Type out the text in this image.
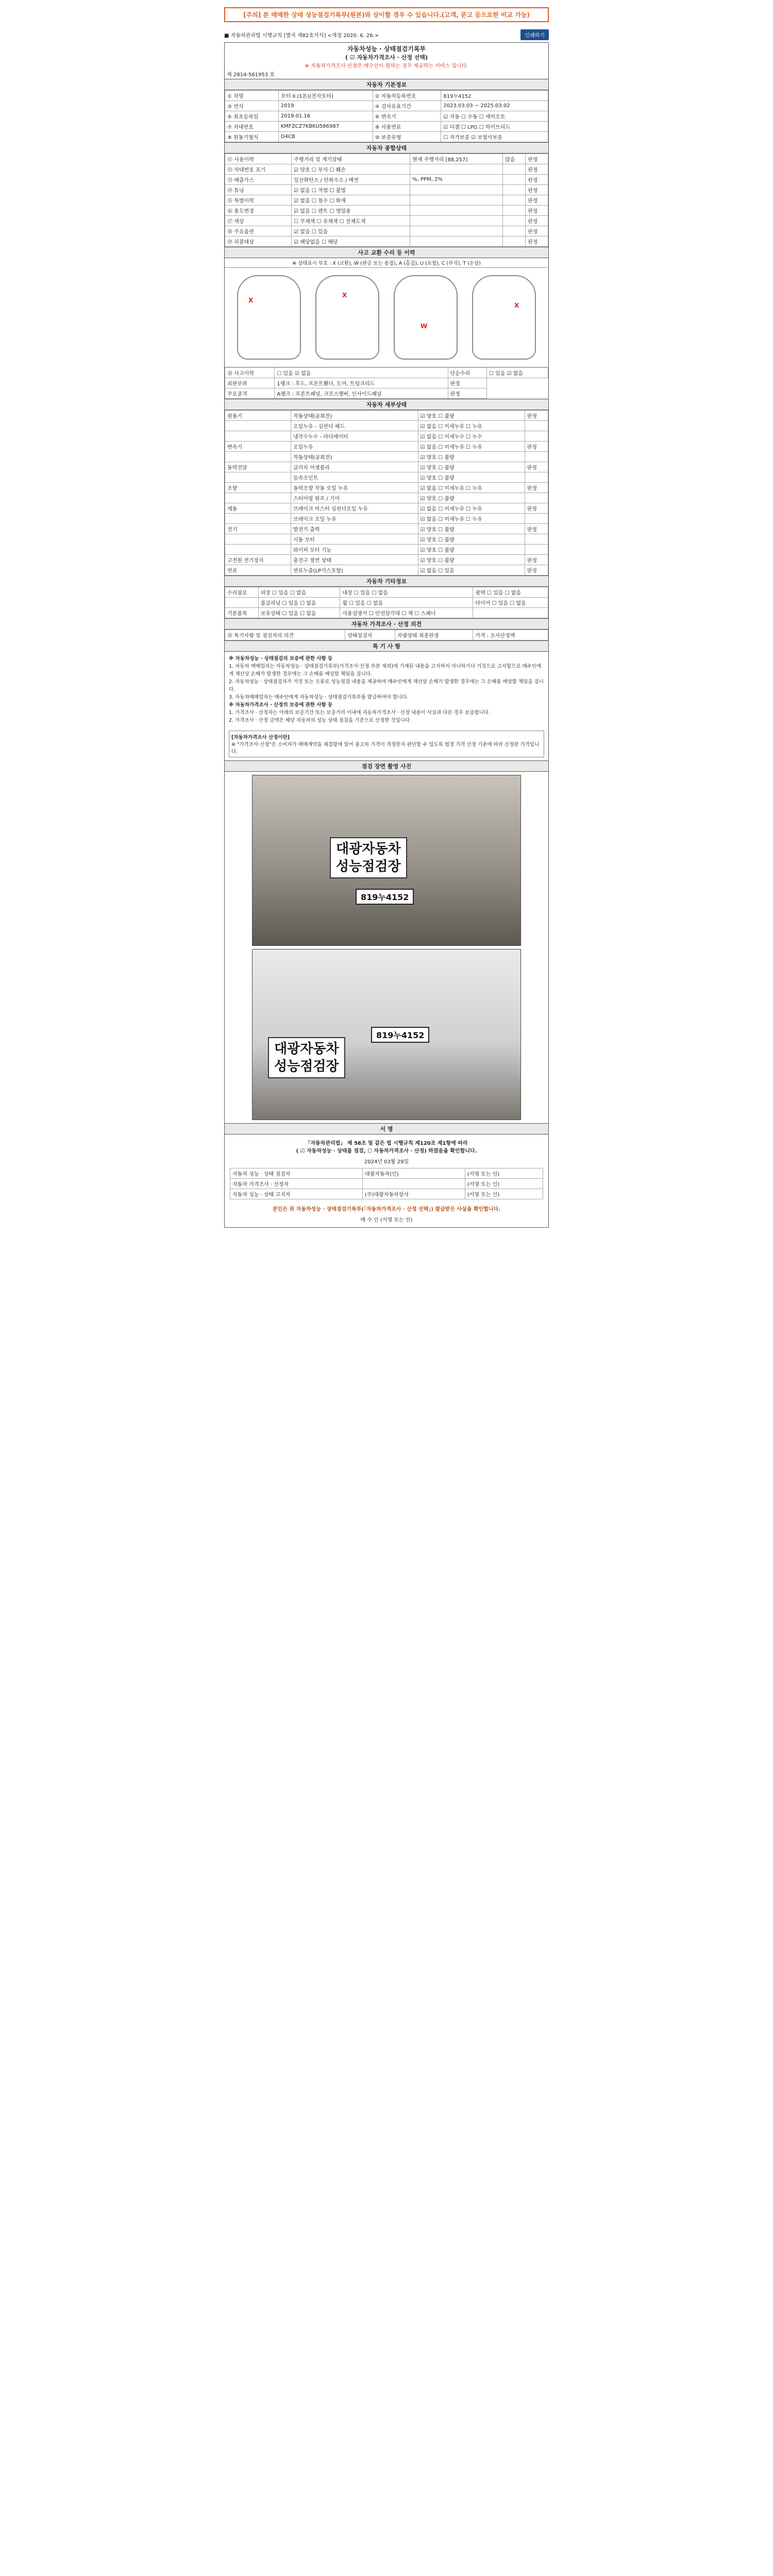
[주의] 본 매매한 상태 성능점검기록부(원본)와 상이할 경우 수 있습니다.(고객, 문고 등으로한 비교 가능)
■ 자동차관리법 시행규칙 [별지 제82호서식] <개정 2020. 6. 26.>	인쇄하기
자동차성능 · 상태점검기록부
( ☑ 자동차가격조사 · 산정 선택)
※ 자동차가격조사·산정은 매수인이 원하는 경우 제공하는 서비스 입니다.
제 2814-561953 호
자동차 기본정보
① 차명	포터 II (1톤)(전자포터)	② 자동차등록번호	819누4152
③ 연식	2019	④ 검사유효기간	2023.03.03 ~ 2025.03.02
⑤ 최초등록일	2019.01.16	⑥ 변속기	☑ 자동 ☐ 수동 ☐ 세미오토
⑦ 차대번호	KMFZCZ7KBKU586987	⑧ 사용연료	☑ 디젤 ☐ LPG ☐ 하이브리드
⑨ 원동기형식	D4CB	⑩ 보증유형	☐ 자가보증 ☑ 보험사보증
자동차 종합상태
⑪ 사용이력	주행거리 및 계기상태	현재 주행거리 [88,257]	많음	판정
⑫ 차대번호 표기	☑ 양호 ☐ 부식 ☐ 훼손			판정
⑬ 배출가스	일산화탄소 / 탄화수소 / 매연	%, PPM, 2%		판정
⑭ 튜닝	☑ 없음 ☐ 적법 ☐ 불법			판정
⑮ 특별이력	☑ 없음 ☐ 침수 ☐ 화재			판정
⑯ 용도변경	☑ 없음 ☐ 렌트 ☐ 영업용			판정
⑰ 색상	☐ 무채색 ☐ 유채색 ☐ 전체도색			판정
⑱ 주요옵션	☑ 없음 ☐ 있음			판정
⑲ 리콜대상	☑ 해당없음 ☐ 해당			판정
사고 교환 수리 등 이력
※ 상태표시 부호 : X (교환), W (판금 또는 용접), A (흠집), U (요철), C (부식), T (손상)
X
X
W
X
⑳ 사고이력	☐ 있음 ☑ 없음	단순수리	☐ 있음 ☑ 없음
외판부위	1랭크 : 후드, 프론트휀더, 도어, 트렁크리드	판정	
주요골격	A랭크 : 프론트패널, 크로스멤버, 인사이드패널	판정	
자동차 세부상태
원동기	작동상태(공회전)	☑ 양호 ☐ 불량	판정
	오일누유 - 실린더 헤드	☑ 없음 ☐ 미세누유 ☐ 누유	
	냉각수누수 - 라디에이터	☑ 없음 ☐ 미세누수 ☐ 누수	
변속기	오일누유	☑ 없음 ☐ 미세누유 ☐ 누유	판정
	작동상태(공회전)	☑ 양호 ☐ 불량	
동력전달	클러치 어셈블리	☑ 양호 ☐ 불량	판정
	등속조인트	☑ 양호 ☐ 불량	
조향	동력조향 작동 오일 누유	☑ 없음 ☐ 미세누유 ☐ 누유	판정
	스티어링 펌프 / 기어	☑ 양호 ☐ 불량	
제동	브레이크 마스터 실린더오일 누유	☑ 없음 ☐ 미세누유 ☐ 누유	판정
	브레이크 오일 누유	☑ 없음 ☐ 미세누유 ☐ 누유	
전기	발전기 출력	☑ 양호 ☐ 불량	판정
	시동 모터	☑ 양호 ☐ 불량	
	와이퍼 모터 기능	☑ 양호 ☐ 불량	
고전원 전기장치	충전구 절연 상태	☑ 양호 ☐ 불량	판정
연료	연료누출(LP가스포함)	☑ 없음 ☐ 있음	판정
자동차 기타정보
수리필요	외장 ☐ 있음 ☐ 없음	내장 ☐ 있음 ☐ 없음	광택 ☐ 있음 ☐ 없음
	룸클리닝 ☐ 있음 ☐ 없음	휠 ☐ 있음 ☐ 없음	타이어 ☐ 있음 ☐ 없음
기본품목	보유상태 ☐ 있음 ☐ 없음	사용설명서 ☐ 안전삼각대 ☐ 잭 ☐ 스패너	
자동차 가격조사 · 산정 의견
⑱ 특기사항 및 점검자의 의견	상태점검자	차량상태 최종판정	가격 : 조사산정액
특 기 사 항
※ 자동차성능 · 상태점검의 보증에 관한 사항 등
1. 자동차 매매업자는 자동차성능 · 상태점검기록부(가격조사·산정 부분 제외)에 기재된 내용을 고지하지 아니하거나 거짓으로 고지함으로 매수인에게 재산상 손해가 발생한 경우에는 그 손해를 배상할 책임을 집니다.
2. 자동차성능 · 상태점검자가 거짓 또는 오류로 성능점검 내용을 제공하여 매수인에게 재산상 손해가 발생한 경우에는 그 손해를 배상할 책임을 집니다.
3. 자동차매매업자는 매수인에게 자동차성능 · 상태점검기록부를 발급하여야 합니다.
※ 자동차가격조사 · 산정의 보증에 관한 사항 등
1. 가격조사 · 산정자는 아래의 보증기간 또는 보증거리 이내에 자동차가격조사 · 산정 내용이 사실과 다른 경우 보증합니다.
2. 가격조사 · 산정 금액은 해당 자동차의 성능 상태 점검을 기준으로 산정한 것입니다.
[자동차가격조사 산정이란]
※ "가격조사·산정"은 소비자가 매매계약을 체결함에 있어 중고차 가격이 적정한지 판단할 수 있도록 법정 가격 산정 기준에 따라 산정한 가격입니다.
점검 장면 촬영 사진
대광자동차
성능점검장
819누4152
대광자동차
성능점검장
819누4152
서 명
「자동차관리법」 제 58조 및 같은 법 시행규칙 제120조 제1항에 따라
( ☑ 자동차성능 · 상태를 점검, ☐ 자동차가격조사 · 산정) 하였음을 확인합니다.
2024년 03월 29일
자동차 성능 · 상태 점검자	대광자동차(인)	(서명 또는 인)
자동차 가격조사 · 산정자		(서명 또는 인)
자동차 성능 · 상태 고지자	(주)대광자동차상사	(서명 또는 인)
본인은 위 자동차성능 · 상태점검기록부(「자동차가격조사 · 산정 선택」) 발급받은 사실을 확인합니다.
매 수 인 (서명 또는 인)
